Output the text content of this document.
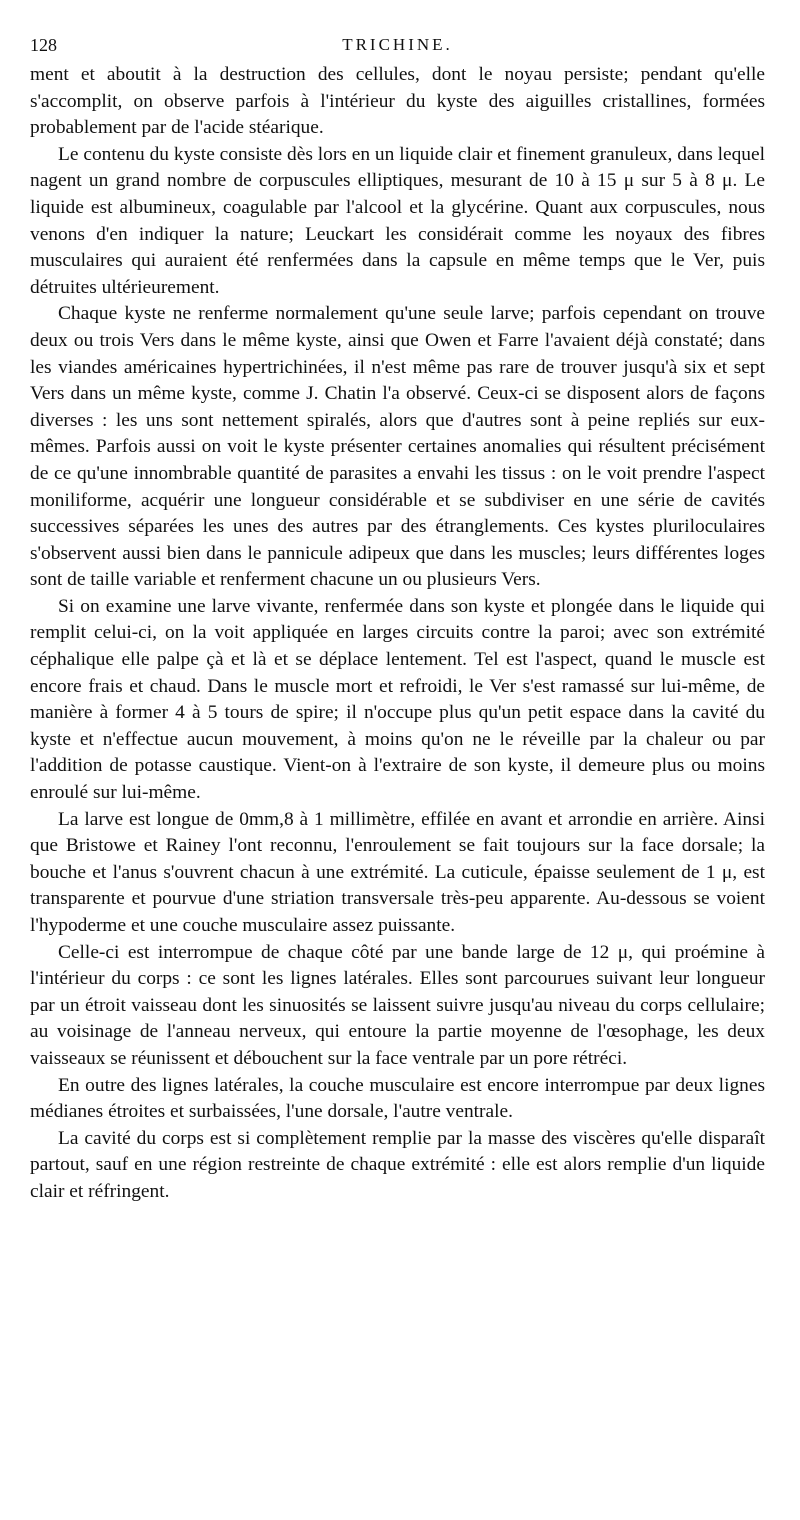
128	TRICHINE.

ment et aboutit à la destruction des cellules, dont le noyau persiste; pendant qu'elle s'accomplit, on observe parfois à l'intérieur du kyste des aiguilles cristallines, formées probablement par de l'acide stéarique.

Le contenu du kyste consiste dès lors en un liquide clair et finement granuleux, dans lequel nagent un grand nombre de corpuscules elliptiques, mesurant de 10 à 15 μ sur 5 à 8 μ. Le liquide est albumineux, coagulable par l'alcool et la glycérine. Quant aux corpuscules, nous venons d'en indiquer la nature; Leuckart les considérait comme les noyaux des fibres musculaires qui auraient été renfermées dans la capsule en même temps que le Ver, puis détruites ultérieurement.

Chaque kyste ne renferme normalement qu'une seule larve; parfois cependant on trouve deux ou trois Vers dans le même kyste, ainsi que Owen et Farre l'avaient déjà constaté; dans les viandes américaines hypertrichinées, il n'est même pas rare de trouver jusqu'à six et sept Vers dans un même kyste, comme J. Chatin l'a observé. Ceux-ci se disposent alors de façons diverses : les uns sont nettement spiralés, alors que d'autres sont à peine repliés sur eux-mêmes. Parfois aussi on voit le kyste présenter certaines anomalies qui résultent précisément de ce qu'une innombrable quantité de parasites a envahi les tissus : on le voit prendre l'aspect moniliforme, acquérir une longueur considérable et se subdiviser en une série de cavités successives séparées les unes des autres par des étranglements. Ces kystes pluriloculaires s'observent aussi bien dans le pannicule adipeux que dans les muscles; leurs différentes loges sont de taille variable et renferment chacune un ou plusieurs Vers.

Si on examine une larve vivante, renfermée dans son kyste et plongée dans le liquide qui remplit celui-ci, on la voit appliquée en larges circuits contre la paroi; avec son extrémité céphalique elle palpe çà et là et se déplace lentement. Tel est l'aspect, quand le muscle est encore frais et chaud. Dans le muscle mort et refroidi, le Ver s'est ramassé sur lui-même, de manière à former 4 à 5 tours de spire; il n'occupe plus qu'un petit espace dans la cavité du kyste et n'effectue aucun mouvement, à moins qu'on ne le réveille par la chaleur ou par l'addition de potasse caustique. Vient-on à l'extraire de son kyste, il demeure plus ou moins enroulé sur lui-même.

La larve est longue de 0mm,8 à 1 millimètre, effilée en avant et arrondie en arrière. Ainsi que Bristowe et Rainey l'ont reconnu, l'enroulement se fait toujours sur la face dorsale; la bouche et l'anus s'ouvrent chacun à une extrémité. La cuticule, épaisse seulement de 1 μ, est transparente et pourvue d'une striation transversale très-peu apparente. Au-dessous se voient l'hypoderme et une couche musculaire assez puissante.

Celle-ci est interrompue de chaque côté par une bande large de 12 μ, qui proémine à l'intérieur du corps : ce sont les lignes latérales. Elles sont parcourues suivant leur longueur par un étroit vaisseau dont les sinuosités se laissent suivre jusqu'au niveau du corps cellulaire; au voisinage de l'anneau nerveux, qui entoure la partie moyenne de l'œsophage, les deux vaisseaux se réunissent et débouchent sur la face ventrale par un pore rétréci.

En outre des lignes latérales, la couche musculaire est encore interrompue par deux lignes médianes étroites et surbaissées, l'une dorsale, l'autre ventrale.

La cavité du corps est si complètement remplie par la masse des viscères qu'elle disparaît partout, sauf en une région restreinte de chaque extrémité : elle est alors remplie d'un liquide clair et réfringent.
